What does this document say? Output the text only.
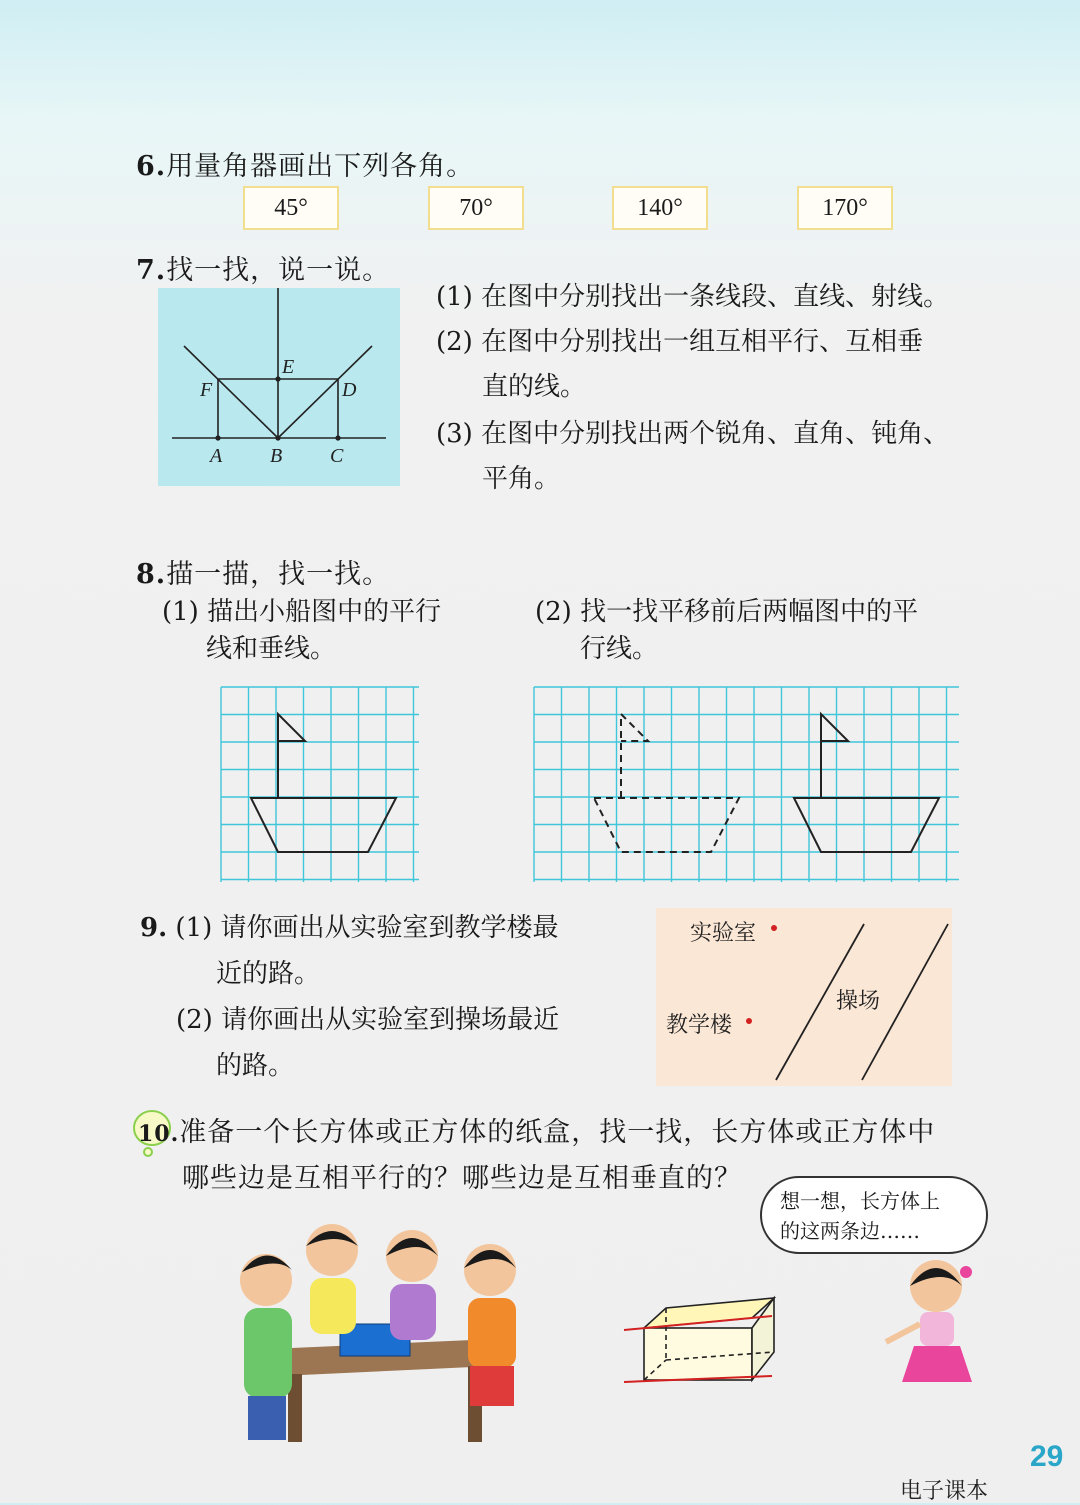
6.用量角器画出下列各角。
45°	70°	140°	170°
7.找一找，说一说。
A B C
D
E
F
(1) 在图中分别找出一条线段、直线、射线。
(2) 在图中分别找出一组互相平行、互相垂
直的线。
(3) 在图中分别找出两个锐角、直角、钝角、
平角。
8.描一描，找一找。
(1) 描出小船图中的平行
线和垂线。
(2) 找一找平移前后两幅图中的平
行线。
9. (1) 请你画出从实验室到教学楼最
近的路。
(2) 请你画出从实验室到操场最近
的路。
实验室
教学楼
操场
10.准备一个长方体或正方体的纸盒，找一找，长方体或正方体中
哪些边是互相平行的？哪些边是互相垂直的？
想一想，长方体上
的这两条边……
29
电子课本
